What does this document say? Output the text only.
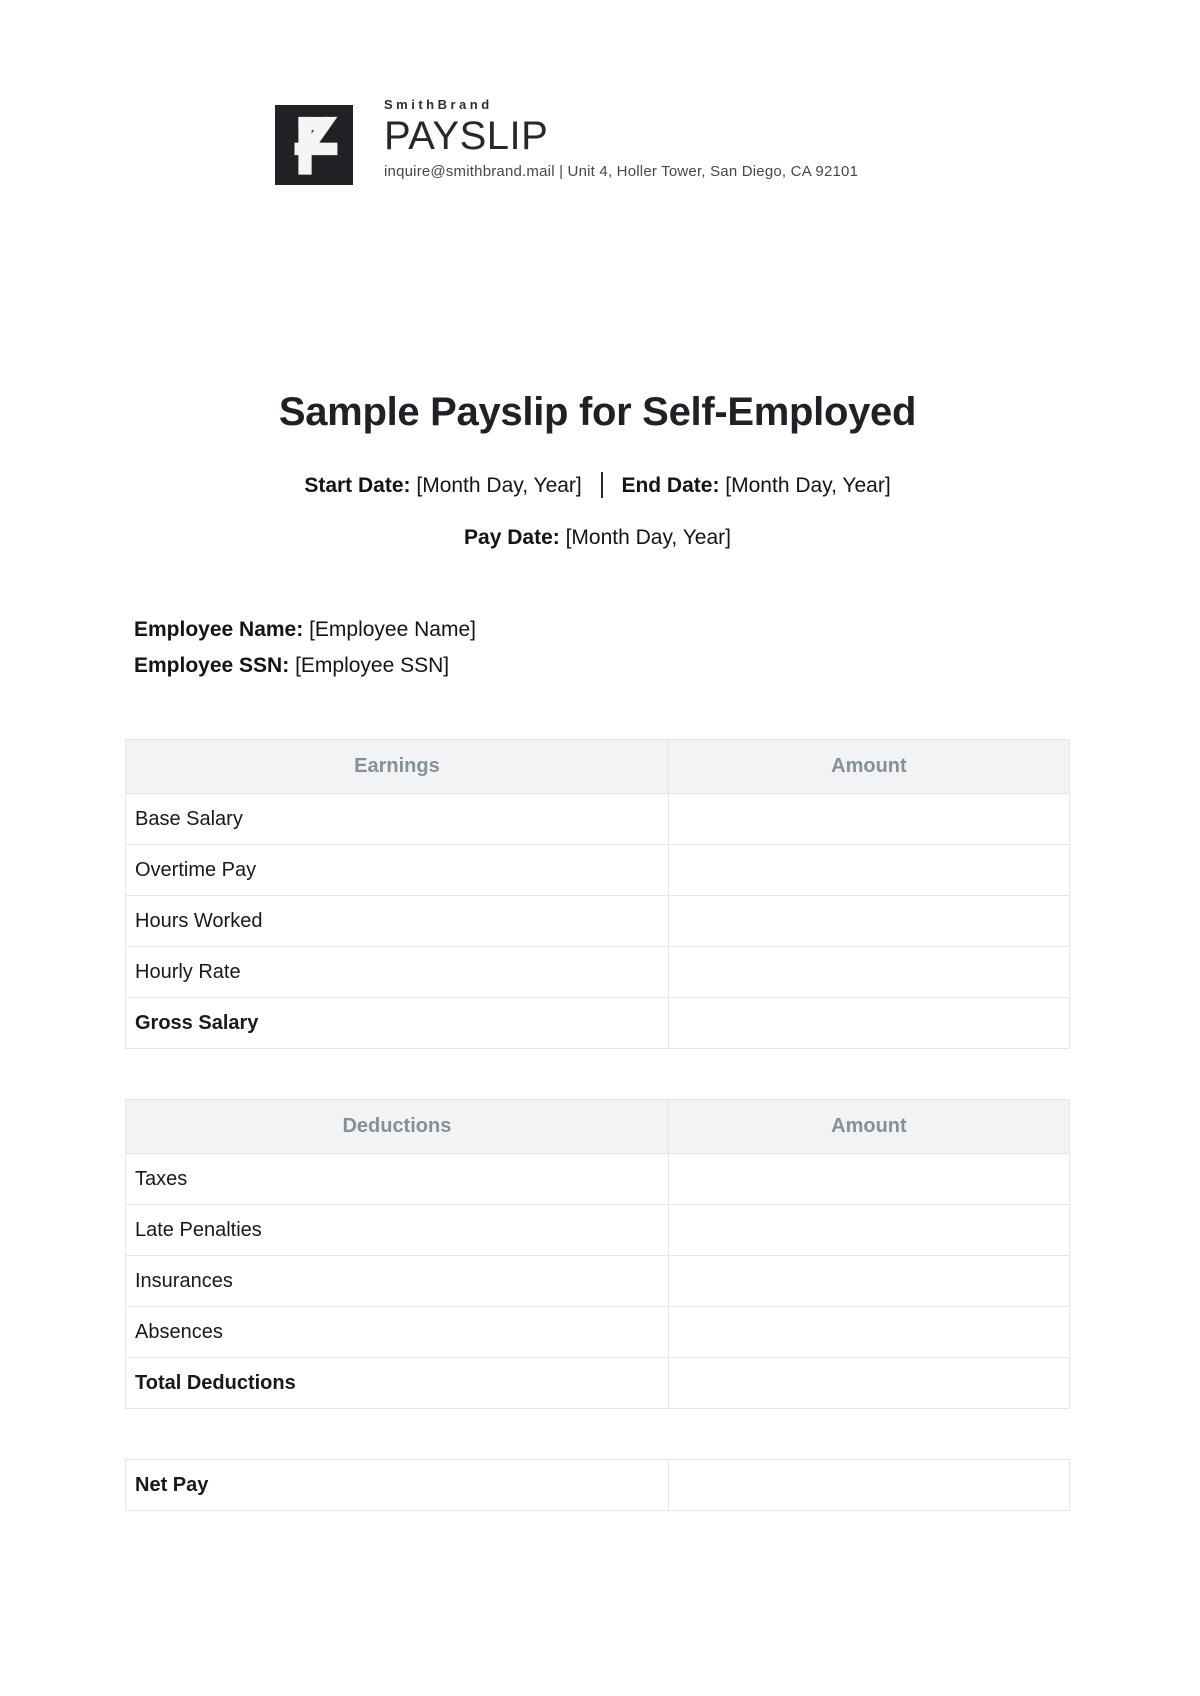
SmithBrand
PAYSLIP
inquire@smithbrand.mail | Unit 4, Holler Tower, San Diego, CA 92101
Sample Payslip for Self-Employed
Start Date: [Month Day, Year] End Date: [Month Day, Year]
Pay Date: [Month Day, Year]
Employee Name: [Employee Name]
Employee SSN: [Employee SSN]
Earnings	Amount
Base Salary	
Overtime Pay	
Hours Worked	
Hourly Rate	
Gross Salary	
Deductions	Amount
Taxes	
Late Penalties	
Insurances	
Absences	
Total Deductions	
Net Pay	
